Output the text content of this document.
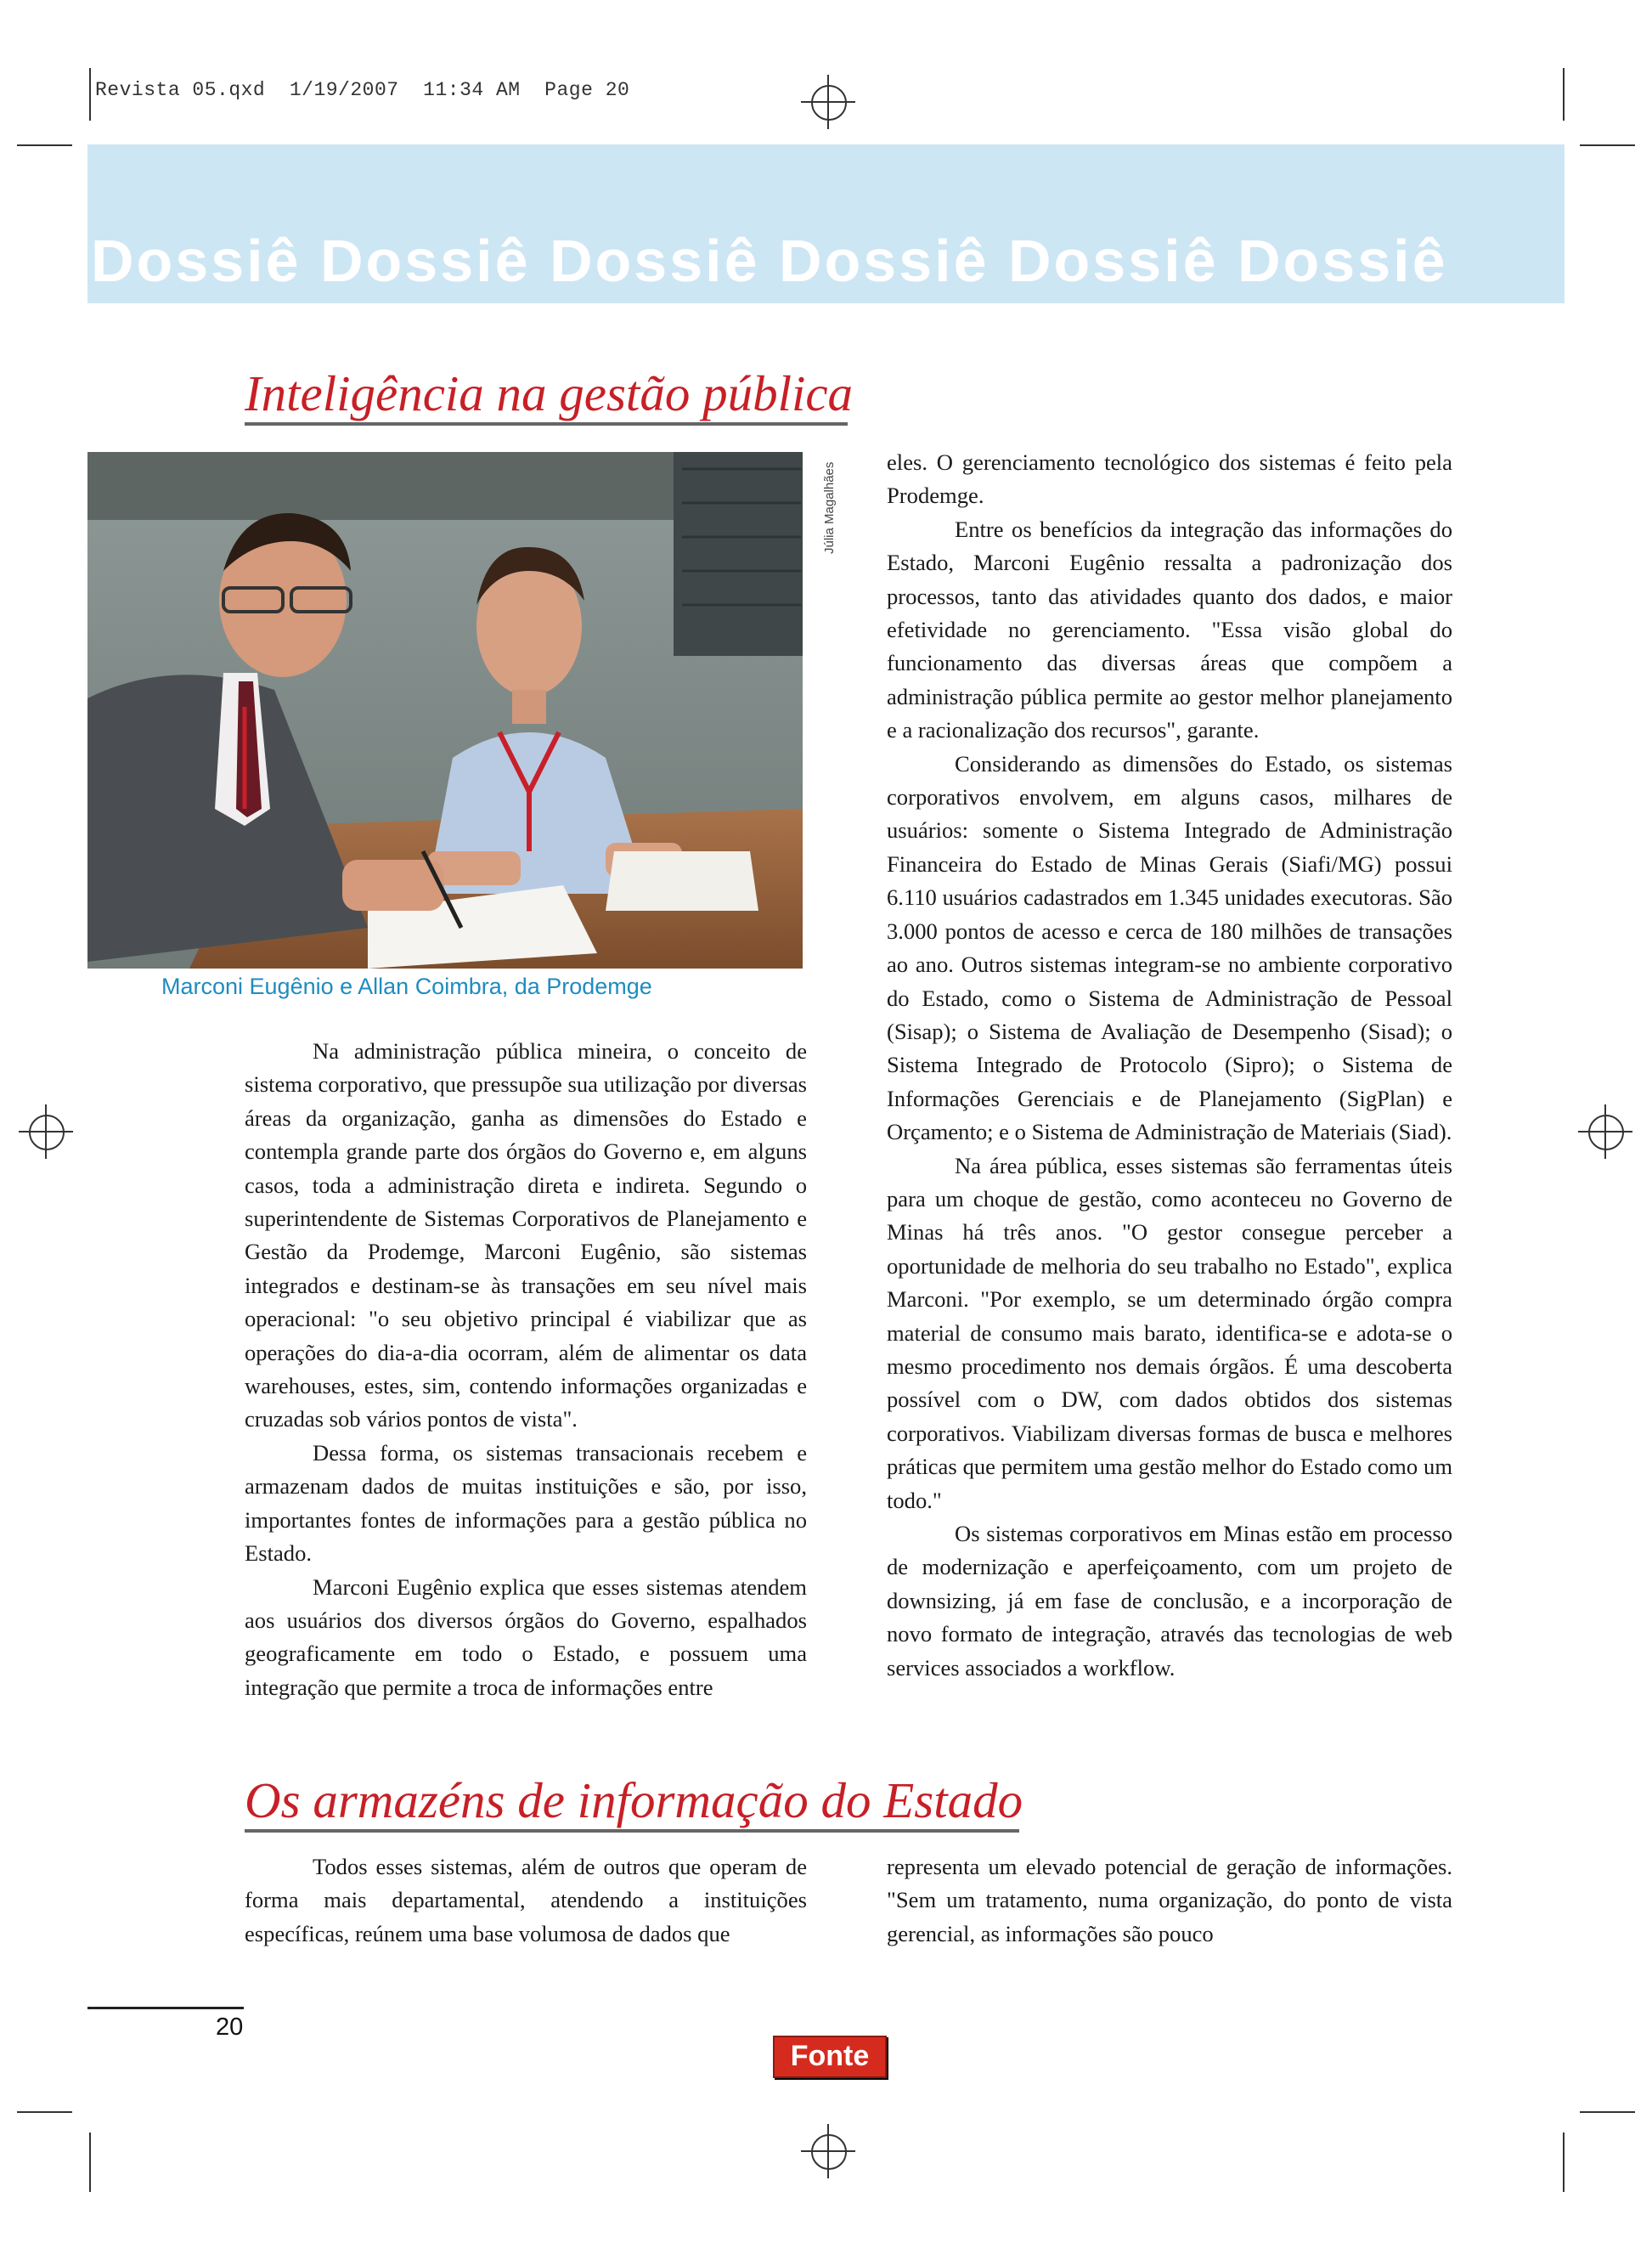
Revista 05.qxd  1/19/2007  11:34 AM  Page 20
Dossiê Dossiê Dossiê Dossiê Dossiê Dossiê
Inteligência na gestão pública
Júlia Magalhães
Marconi Eugênio e Allan Coimbra, da Prodemge

Na administração pública mineira, o conceito de sistema corporativo, que pressupõe sua utilização por diversas áreas da organização, ganha as dimensões do Estado e contempla grande parte dos órgãos do Governo e, em alguns casos, toda a administração direta e indireta. Segundo o superintendente de Sistemas Corporativos de Planejamento e Gestão da Prodemge, Marconi Eugênio, são sistemas integrados e destinam-se às transações em seu nível mais operacional: "o seu objetivo principal é viabilizar que as operações do dia-a-dia ocorram, além de alimentar os data warehouses, estes, sim, contendo informações organizadas e cruzadas sob vários pontos de vista".

Dessa forma, os sistemas transacionais recebem e armazenam dados de muitas instituições e são, por isso, importantes fontes de informações para a gestão pública no Estado.

Marconi Eugênio explica que esses sistemas atendem aos usuários dos diversos órgãos do Governo, espalhados geograficamente em todo o Estado, e possuem uma integração que permite a troca de informações entre

eles. O gerenciamento tecnológico dos sistemas é feito pela Prodemge.

Entre os benefícios da integração das informações do Estado, Marconi Eugênio ressalta a padronização dos processos, tanto das atividades quanto dos dados, e maior efetividade no gerenciamento. "Essa visão global do funcionamento das diversas áreas que compõem a administração pública permite ao gestor melhor planejamento e a racionalização dos recursos", garante.

Considerando as dimensões do Estado, os sistemas corporativos envolvem, em alguns casos, milhares de usuários: somente o Sistema Integrado de Administração Financeira do Estado de Minas Gerais (Siafi/MG) possui 6.110 usuários cadastrados em 1.345 unidades executoras. São 3.000 pontos de acesso e cerca de 180 milhões de transações ao ano. Outros sistemas integram-se no ambiente corporativo do Estado, como o Sistema de Administração de Pessoal (Sisap); o Sistema de Avaliação de Desempenho (Sisad); o Sistema Integrado de Protocolo (Sipro); o Sistema de Informações Gerenciais e de Planejamento (SigPlan) e Orçamento; e o Sistema de Administração de Materiais (Siad).

Na área pública, esses sistemas são ferramentas úteis para um choque de gestão, como aconteceu no Governo de Minas há três anos. "O gestor consegue perceber a oportunidade de melhoria do seu trabalho no Estado", explica Marconi. "Por exemplo, se um determinado órgão compra material de consumo mais barato, identifica-se e adota-se o mesmo procedimento nos demais órgãos. É uma descoberta possível com o DW, com dados obtidos dos sistemas corporativos. Viabilizam diversas formas de busca e melhores práticas que permitem uma gestão melhor do Estado como um todo."

Os sistemas corporativos em Minas estão em processo de modernização e aperfeiçoamento, com um projeto de downsizing, já em fase de conclusão, e a incorporação de novo formato de integração, através das tecnologias de web services associados a workflow.

Os armazéns de informação do Estado

Todos esses sistemas, além de outros que operam de forma mais departamental, atendendo a instituições específicas, reúnem uma base volumosa de dados que

representa um elevado potencial de geração de informações. "Sem um tratamento, numa organização, do ponto de vista gerencial, as informações são pouco

20
Fonte
